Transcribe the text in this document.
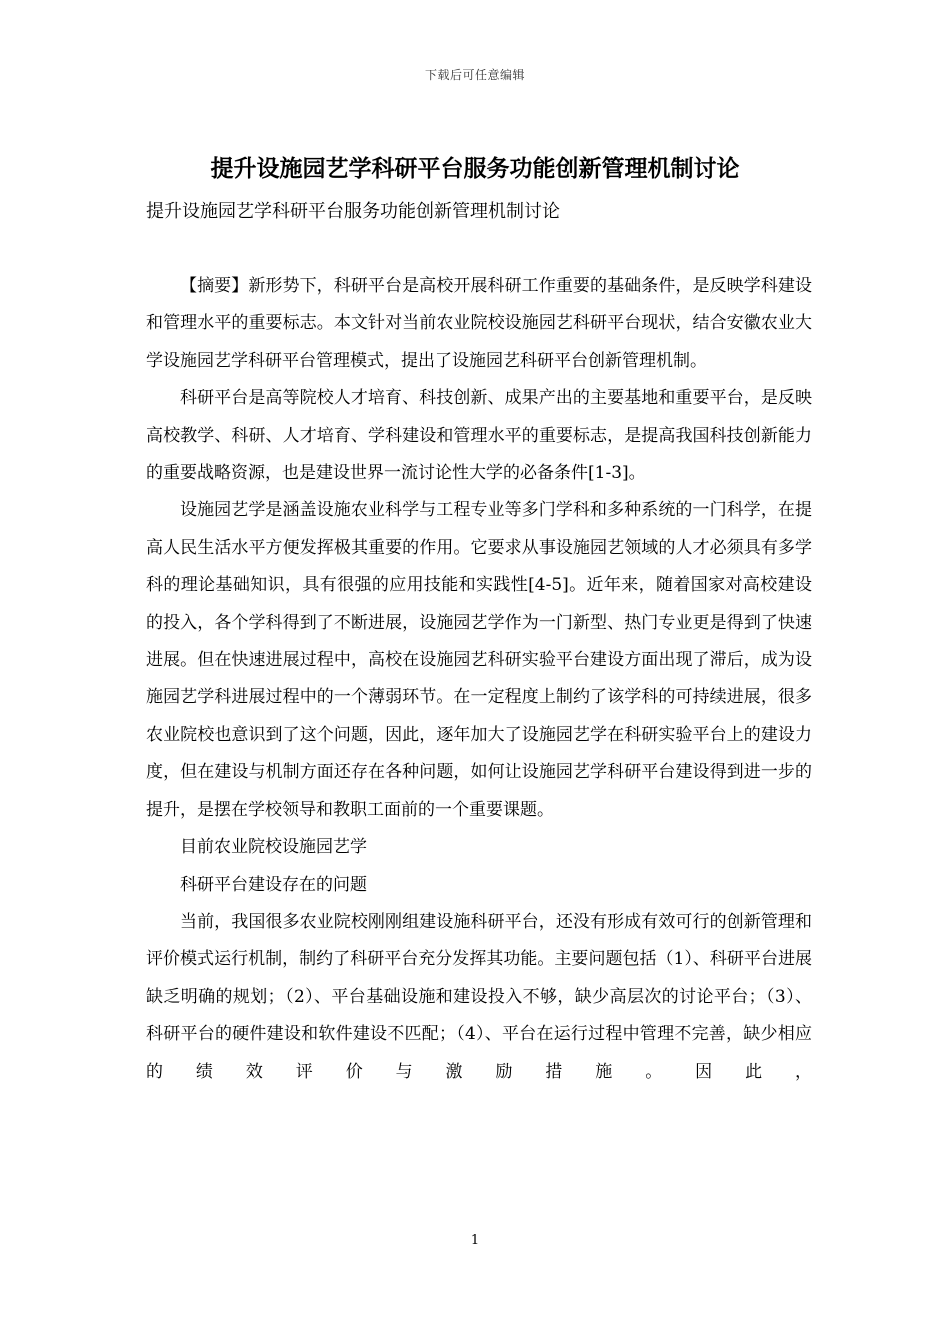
下载后可任意编辑
提升设施园艺学科研平台服务功能创新管理机制讨论

提升设施园艺学科研平台服务功能创新管理机制讨论

【摘要】新形势下，科研平台是高校开展科研工作重要的基础条件，是反映学科建设和管理水平的重要标志。本文针对当前农业院校设施园艺科研平台现状，结合安徽农业大学设施园艺学科研平台管理模式，提出了设施园艺科研平台创新管理机制。

科研平台是高等院校人才培育、科技创新、成果产出的主要基地和重要平台，是反映高校教学、科研、人才培育、学科建设和管理水平的重要标志，是提高我国科技创新能力的重要战略资源，也是建设世界一流讨论性大学的必备条件[1-3]。

设施园艺学是涵盖设施农业科学与工程专业等多门学科和多种系统的一门科学，在提高人民生活水平方便发挥极其重要的作用。它要求从事设施园艺领域的人才必须具有多学科的理论基础知识，具有很强的应用技能和实践性[4-5]。近年来，随着国家对高校建设的投入，各个学科得到了不断进展，设施园艺学作为一门新型、热门专业更是得到了快速进展。但在快速进展过程中，高校在设施园艺科研实验平台建设方面出现了滞后，成为设施园艺学科进展过程中的一个薄弱环节。在一定程度上制约了该学科的可持续进展，很多农业院校也意识到了这个问题，因此，逐年加大了设施园艺学在科研实验平台上的建设力度，但在建设与机制方面还存在各种问题，如何让设施园艺学科研平台建设得到进一步的提升，是摆在学校领导和教职工面前的一个重要课题。

目前农业院校设施园艺学

科研平台建设存在的问题

当前，我国很多农业院校刚刚组建设施科研平台，还没有形成有效可行的创新管理和评价模式运行机制，制约了科研平台充分发挥其功能。主要问题包括（1）、科研平台进展缺乏明确的规划；（2）、平台基础设施和建设投入不够，缺少高层次的讨论平台；（3）、科研平台的硬件建设和软件建设不匹配；（4）、平台在运行过程中管理不完善，缺少相应的绩效评价与激励措施。因此，

1
